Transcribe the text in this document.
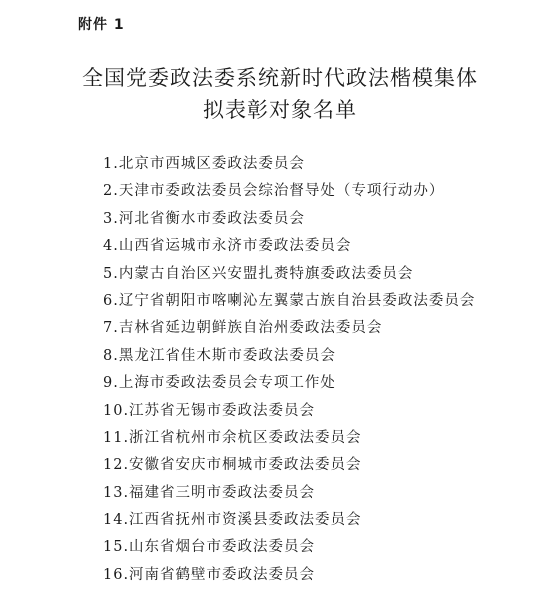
附件 1
全国党委政法委系统新时代政法楷模集体
拟表彰对象名单
1.北京市西城区委政法委员会
2.天津市委政法委员会综治督导处（专项行动办）
3.河北省衡水市委政法委员会
4.山西省运城市永济市委政法委员会
5.内蒙古自治区兴安盟扎赉特旗委政法委员会
6.辽宁省朝阳市喀喇沁左翼蒙古族自治县委政法委员会
7.吉林省延边朝鲜族自治州委政法委员会
8.黑龙江省佳木斯市委政法委员会
9.上海市委政法委员会专项工作处
10.江苏省无锡市委政法委员会
11.浙江省杭州市余杭区委政法委员会
12.安徽省安庆市桐城市委政法委员会
13.福建省三明市委政法委员会
14.江西省抚州市资溪县委政法委员会
15.山东省烟台市委政法委员会
16.河南省鹤壁市委政法委员会
